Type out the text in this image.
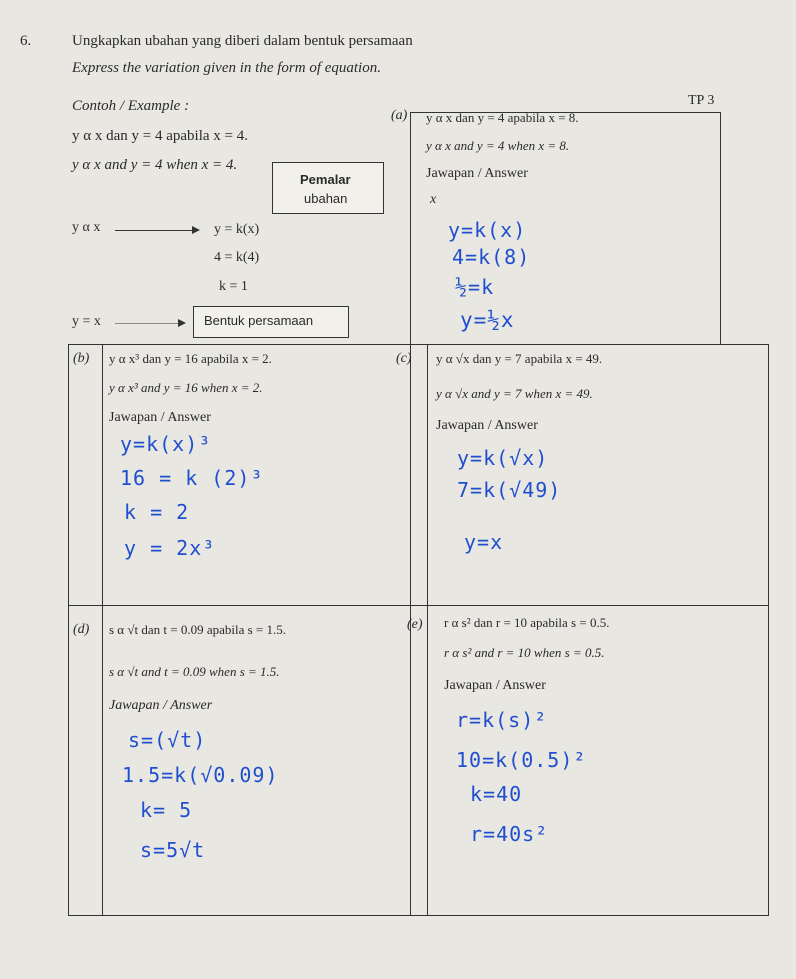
6.	Ungkapkan ubahan yang diberi dalam bentuk persamaan
Express the variation given in the form of equation.
TP 3
Contoh / Example :
y α x dan y = 4 apabila x = 4.
y α x and y = 4 when x = 4.
Pemalar
ubahan
y α x	y = k(x)
4 = k(4)
k = 1
y = x	Bentuk persamaan
(a) y α x dan y = 4 apabila x = 8.
y α x and y = 4 when x = 8.
Jawapan / Answer
x
y=k(x)
4=k(8)
½=k
y=½x
(b) y α x³ dan y = 16 apabila x = 2.
y α x³ and y = 16 when x = 2.
Jawapan / Answer
y=k(x)³
16 = k (2)³
k = 2
y = 2x³
(c) y α √x dan y = 7 apabila x = 49.
y α √x and y = 7 when x = 49.
Jawapan / Answer
y=k(√x)
7=k(√49)
y=x
(d) s α √t dan t = 0.09 apabila s = 1.5.
s α √t and t = 0.09 when s = 1.5.
Jawapan / Answer
s=(√t)
1.5=k(√0.09)
k= 5
s=5√t
(e) r α s² dan r = 10 apabila s = 0.5.
r α s² and r = 10 when s = 0.5.
Jawapan / Answer
r=k(s)²
10=k(0.5)²
k=40
r=40s²
